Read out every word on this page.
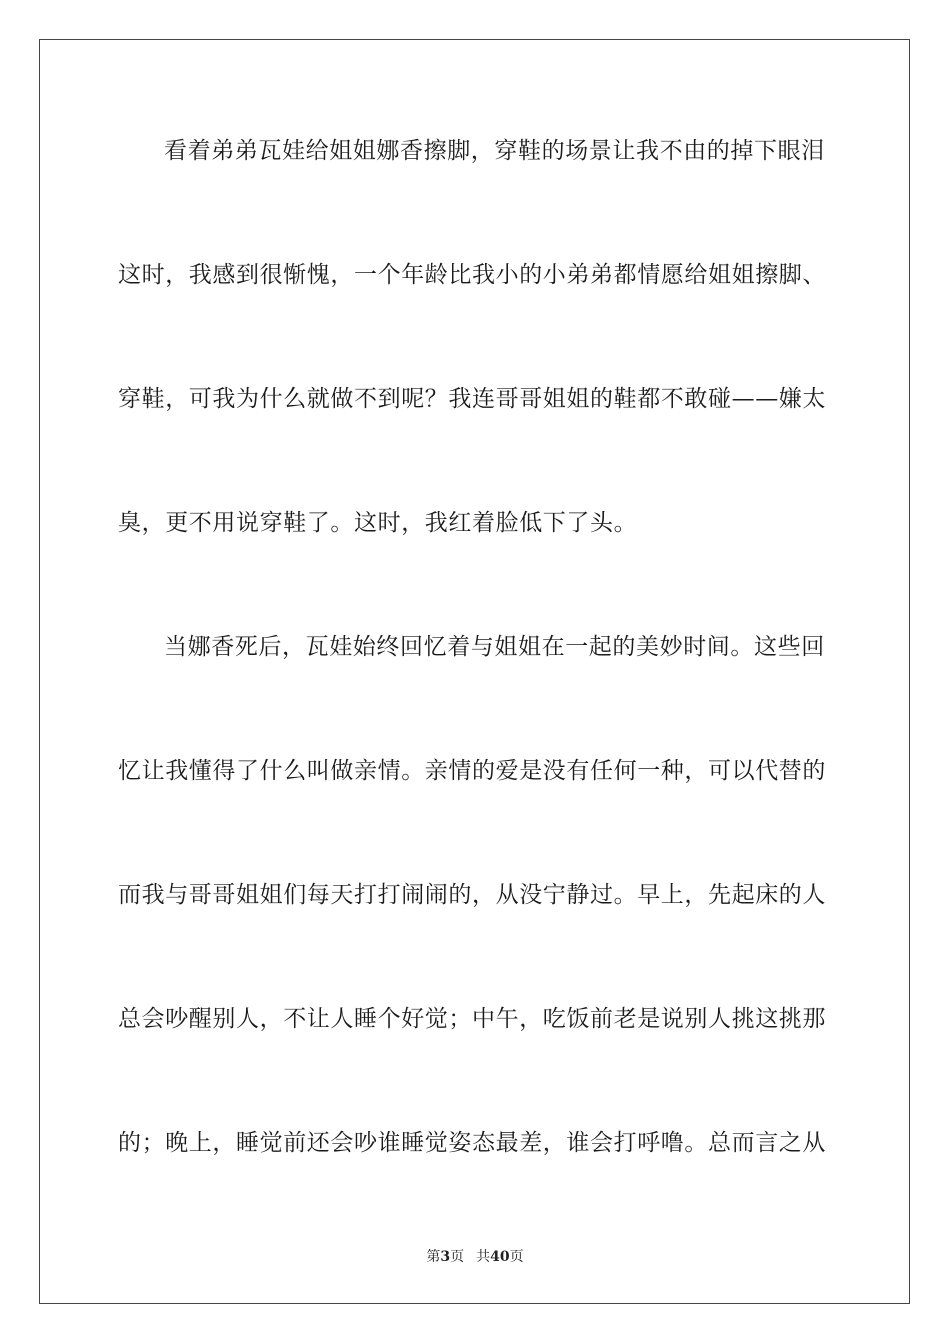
看着弟弟瓦娃给姐姐娜香擦脚，穿鞋的场景让我不由的掉下眼泪
这时，我感到很惭愧，一个年龄比我小的小弟弟都情愿给姐姐擦脚、
穿鞋，可我为什么就做不到呢？我连哥哥姐姐的鞋都不敢碰——嫌太
臭，更不用说穿鞋了。这时，我红着脸低下了头。
当娜香死后，瓦娃始终回忆着与姐姐在一起的美妙时间。这些回
忆让我懂得了什么叫做亲情。亲情的爱是没有任何一种，可以代替的
而我与哥哥姐姐们每天打打闹闹的，从没宁静过。早上，先起床的人
总会吵醒别人，不让人睡个好觉；中午，吃饭前老是说别人挑这挑那
的；晚上，睡觉前还会吵谁睡觉姿态最差，谁会打呼噜。总而言之从
第3页 共40页
